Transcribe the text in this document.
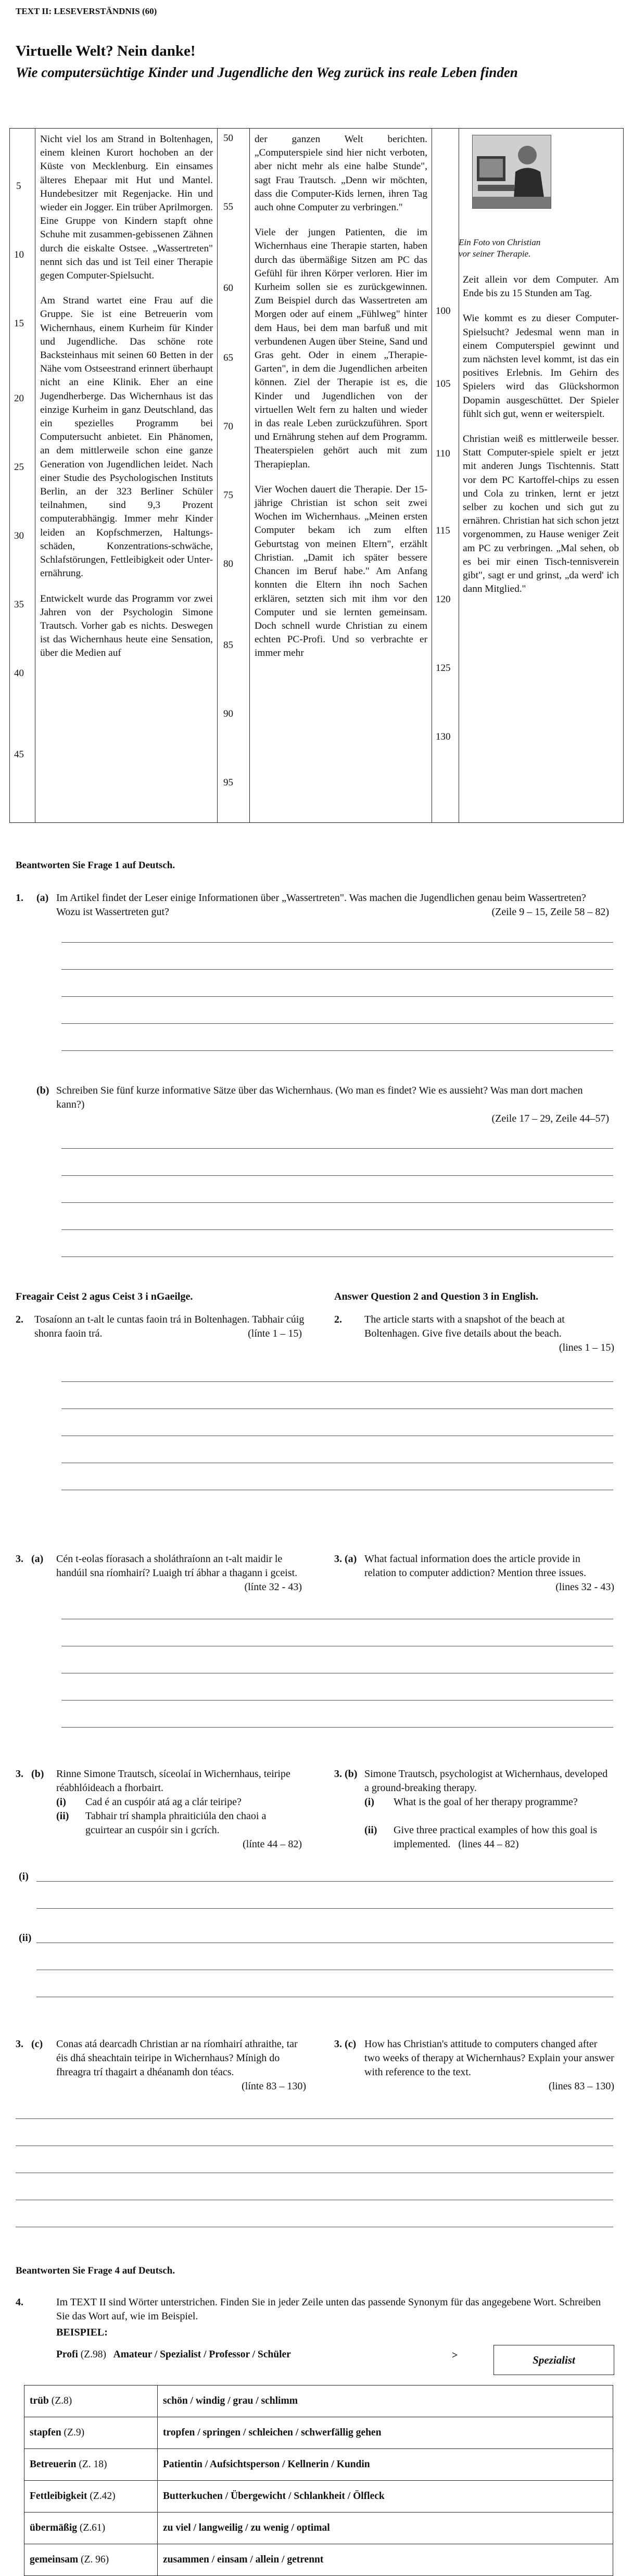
TEXT II: LESEVERSTÄNDNIS (60)
Virtuelle Welt? Nein danke!
Wie computersüchtige Kinder und Jugendliche den Weg zurück ins reale Leben finden
5
10
15
20
25
30
35
40
45
50
55
60
65
70
75
80
85
90
95
100
105
110
115
120
125
130

Nicht viel los am Strand in Boltenhagen, einem kleinen Kurort hochoben an der Küste von Mecklenburg. Ein einsames älteres Ehepaar mit Hut und Mantel. Hundebesitzer mit Regenjacke. Hin und wieder ein Jogger. Ein trüber Aprilmorgen. Eine Gruppe von Kindern stapft ohne Schuhe mit zusammen-gebissenen Zähnen durch die eiskalte Ostsee. „Wassertreten" nennt sich das und ist Teil einer Therapie gegen Computer-Spielsucht.

Am Strand wartet eine Frau auf die Gruppe. Sie ist eine Betreuerin vom Wichernhaus, einem Kurheim für Kinder und Jugendliche. Das schöne rote Backsteinhaus mit seinen 60 Betten in der Nähe vom Ostseestrand erinnert überhaupt nicht an eine Klinik. Eher an eine Jugendherberge. Das Wichernhaus ist das einzige Kurheim in ganz Deutschland, das ein spezielles Programm bei Computersucht anbietet. Ein Phänomen, an dem mittlerweile schon eine ganze Generation von Jugendlichen leidet. Nach einer Studie des Psychologischen Instituts Berlin, an der 323 Berliner Schüler teilnahmen, sind 9,3 Prozent computerabhängig. Immer mehr Kinder leiden an Kopfschmerzen, Haltungs-schäden, Konzentrations-schwäche, Schlafstörungen, Fettleibigkeit oder Unter-ernährung.

Entwickelt wurde das Programm vor zwei Jahren von der Psychologin Simone Trautsch. Vorher gab es nichts. Deswegen ist das Wichernhaus heute eine Sensation, über die Medien auf

der ganzen Welt berichten. „Computerspiele sind hier nicht verboten, aber nicht mehr als eine halbe Stunde", sagt Frau Trautsch. „Denn wir möchten, dass die Computer-Kids lernen, ihren Tag auch ohne Computer zu verbringen."

Viele der jungen Patienten, die im Wichernhaus eine Therapie starten, haben durch das übermäßige Sitzen am PC das Gefühl für ihren Körper verloren. Hier im Kurheim sollen sie es zurückgewinnen. Zum Beispiel durch das Wassertreten am Morgen oder auf einem „Fühlweg" hinter dem Haus, bei dem man barfuß und mit verbundenen Augen über Steine, Sand und Gras geht. Oder in einem „Therapie-Garten", in dem die Jugendlichen arbeiten können. Ziel der Therapie ist es, die Kinder und Jugendlichen von der virtuellen Welt fern zu halten und wieder in das reale Leben zurückzuführen. Sport und Ernährung stehen auf dem Programm. Theaterspielen gehört auch mit zum Therapieplan.

Vier Wochen dauert die Therapie. Der 15-jährige Christian ist schon seit zwei Wochen im Wichernhaus. „Meinen ersten Computer bekam ich zum elften Geburtstag von meinen Eltern", erzählt Christian. „Damit ich später bessere Chancen im Beruf habe." Am Anfang konnten die Eltern ihn noch Sachen erklären, setzten sich mit ihm vor den Computer und sie lernten gemeinsam. Doch schnell wurde Christian zu einem echten PC-Profi. Und so verbrachte er immer mehr

Ein Foto von Christian vor seiner Therapie.

Zeit allein vor dem Computer. Am Ende bis zu 15 Stunden am Tag.

Wie kommt es zu dieser Computer-Spielsucht? Jedesmal wenn man in einem Computerspiel gewinnt und zum nächsten level kommt, ist das ein positives Erlebnis. Im Gehirn des Spielers wird das Glückshormon Dopamin ausgeschüttet. Der Spieler fühlt sich gut, wenn er weiterspielt.

Christian weiß es mittlerweile besser. Statt Computer-spiele spielt er jetzt mit anderen Jungs Tischtennis. Statt vor dem PC Kartoffel-chips zu essen und Cola zu trinken, lernt er jetzt selber zu kochen und sich gut zu ernähren. Christian hat sich schon jetzt vorgenommen, zu Hause weniger Zeit am PC zu verbringen. „Mal sehen, ob es bei mir einen Tisch-tennisverein gibt", sagt er und grinst, „da werd' ich dann Mitglied."

Beantworten Sie Frage 1 auf Deutsch.
1. (a) Im Artikel findet der Leser einige Informationen über „Wassertreten". Was machen die Jugendlichen genau beim Wassertreten? Wozu ist Wassertreten gut?	(Zeile 9 – 15, Zeile 58 – 82)
(b) Schreiben Sie fünf kurze informative Sätze über das Wichernhaus. (Wo man es findet? Wie es aussieht? Was man dort machen kann?)
(Zeile 17 – 29, Zeile 44–57)
Freagair Ceist 2 agus Ceist 3 i nGaeilge.	Answer Question 2 and Question 3 in English.
2. Tosaíonn an t-alt le cuntas faoin trá in Boltenhagen. Tabhair cúig shonra faoin trá.	(línte 1 – 15)
2. The article starts with a snapshot of the beach at Boltenhagen. Give five details about the beach.
(lines 1 – 15)
3. (a) Cén t-eolas fíorasach a sholáthraíonn an t-alt maidir le handúil sna ríomhairí? Luaigh trí ábhar a thagann i gceist.
(línte 32 - 43)
3. (a) What factual information does the article provide in relation to computer addiction? Mention three issues.
(lines 32 - 43)
3. (b) Rinne Simone Trautsch, síceolaí in Wichernhaus, teiripe réabhlóideach a fhorbairt.
(i) Cad é an cuspóir atá ag a clár teiripe?
(ii) Tabhair trí shampla phraiticiúla den chaoi a gcuirtear an cuspóir sin i gcrích.
(línte 44 – 82)
3. (b) Simone Trautsch, psychologist at Wichernhaus, developed a ground-breaking therapy.
(i) What is the goal of her therapy programme?
(ii) Give three practical examples of how this goal is implemented. (lines 44 – 82)
(i)
(ii)
3. (c) Conas atá dearcadh Christian ar na ríomhairí athraithe, tar éis dhá sheachtain teiripe in Wichernhaus? Mínigh do fhreagra trí thagairt a dhéanamh don téacs.
(línte 83 – 130)
3. (c) How has Christian's attitude to computers changed after two weeks of therapy at Wichernhaus? Explain your answer with reference to the text.
(lines 83 – 130)
Beantworten Sie Frage 4 auf Deutsch.
4.	Im TEXT II sind Wörter unterstrichen. Finden Sie in jeder Zeile unten das passende Synonym für das angegebene Wort. Schreiben Sie das Wort auf, wie im Beispiel.
BEISPIEL:
Profi (Z.98) Amateur / Spezialist / Professor / Schüler	>	Spezialist
trüb (Z.8)	schön / windig / grau / schlimm
stapfen (Z.9)	tropfen / springen / schleichen / schwerfällig gehen
Betreuerin (Z. 18)	Patientin / Aufsichtsperson / Kellnerin / Kundin
Fettleibigkeit (Z.42)	Butterkuchen / Übergewicht / Schlankheit / Ölfleck
übermäßig (Z.61)	zu viel / langweilig / zu wenig / optimal
gemeinsam (Z. 96)	zusammen / einsam / allein / getrennt
